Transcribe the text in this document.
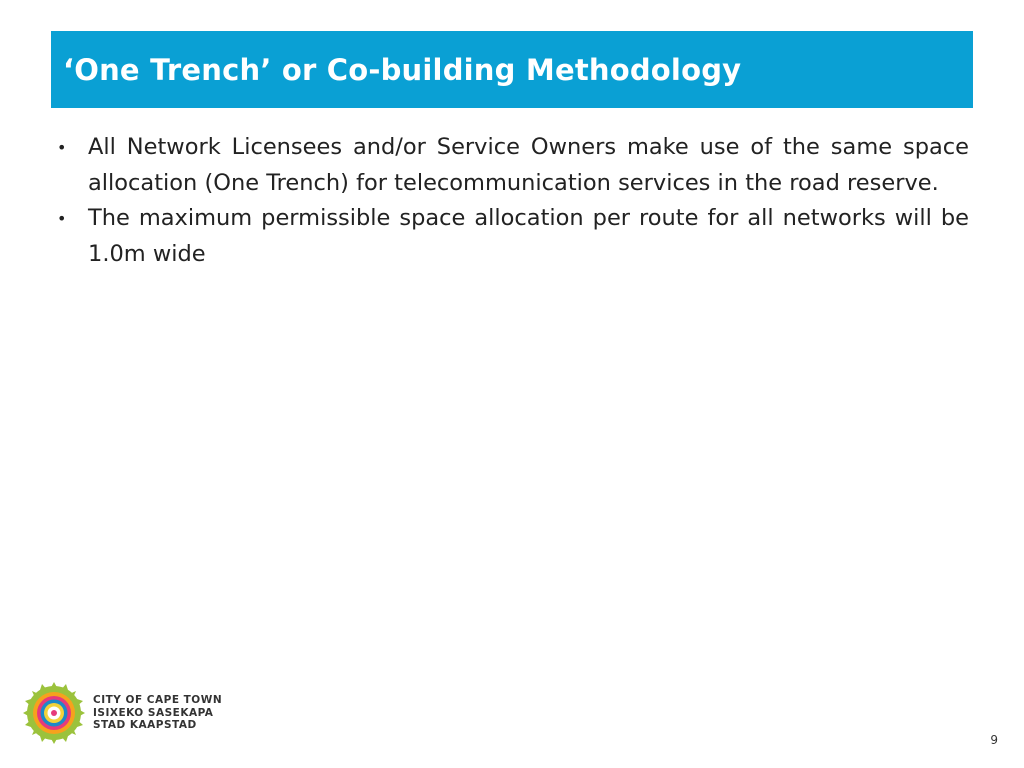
‘One Trench’ or Co-building Methodology
• All Network Licensees and/or Service Owners make use of the same space allocation (One Trench) for telecommunication services in the road reserve.
• The maximum permissible space allocation per route for all networks will be 1.0m wide
CITY OF CAPE TOWN
ISIXEKO SASEKAPA
STAD KAAPSTAD
9
